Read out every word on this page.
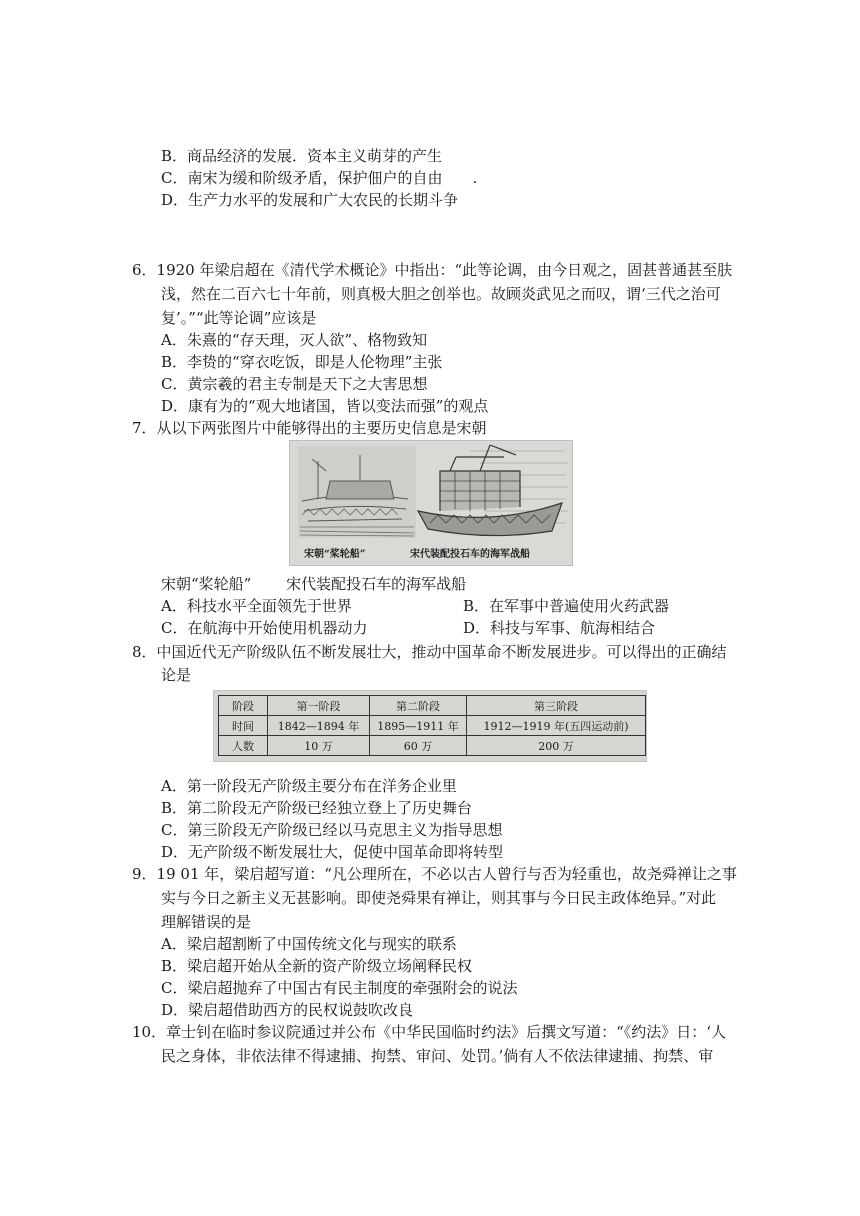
B．商品经济的发展．资本主义萌芽的产生
C．南宋为缓和阶级矛盾，保护佃户的自由　　.
D．生产力水平的发展和广大农民的长期斗争
6．1920 年梁启超在《清代学术概论》中指出：“此等论调，由今日观之，固甚普通甚至肤
浅，然在二百六七十年前，则真极大胆之创举也。故顾炎武见之而叹，谓‘三代之治可
复’。”“此等论调”应该是
A．朱熹的“存天理，灭人欲”、格物致知
B．李贽的“穿衣吃饭，即是人伦物理”主张
C．黄宗羲的君主专制是天下之大害思想
D．康有为的“观大地诸国，皆以变法而强”的观点
7．从以下两张图片中能够得出的主要历史信息是宋朝
宋朝“桨轮船”	宋代装配投石车的海军战船
宋朝“桨轮船”　　 宋代装配投石车的海军战船
A．科技水平全面领先于世界	B．在军事中普遍使用火药武器
C．在航海中开始使用机器动力	D．科技与军事、航海相结合
8．中国近代无产阶级队伍不断发展壮大，推动中国革命不断发展进步。可以得出的正确结
论是
阶段	第一阶段	第二阶段	第三阶段
时间	1842—1894 年	1895—1911 年	1912—1919 年(五四运动前)
人数	10 万	60 万	200 万
A．第一阶段无产阶级主要分布在洋务企业里
B．第二阶段无产阶级已经独立登上了历史舞台
C．第三阶段无产阶级已经以马克思主义为指导思想
D．无产阶级不断发展壮大，促使中国革命即将转型
9．19 01 年，梁启超写道：“凡公理所在，不必以古人曾行与否为轻重也，故尧舜禅让之事
实与今日之新主义无甚影响。即使尧舜果有禅让，则其事与今日民主政体绝异。”对此
理解错误的是
A．梁启超割断了中国传统文化与现实的联系
B．梁启超开始从全新的资产阶级立场阐释民权
C．梁启超抛弃了中国古有民主制度的牵强附会的说法
D．梁启超借助西方的民权说鼓吹改良
10．章士钊在临时参议院通过并公布《中华民国临时约法》后撰文写道：“《约法》日：‘人
民之身体，非依法律不得逮捕、拘禁、审问、处罚。’倘有人不依法律逮捕、拘禁、审
